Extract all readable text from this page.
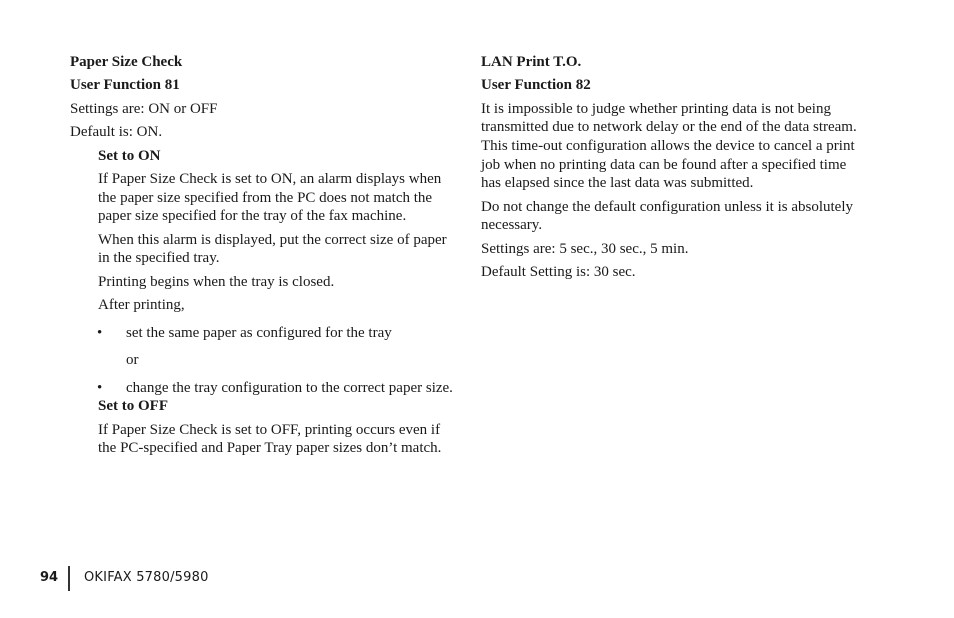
Paper Size Check

User Function 81

Settings are: ON or OFF

Default is: ON.

Set to ON

If Paper Size Check is set to ON, an alarm displays when the paper size specified from the PC does not match the paper size specified for the tray of the fax machine.

When this alarm is displayed, put the correct size of paper in the specified tray.

Printing begins when the tray is closed.

After printing,

• set the same paper as configured for the tray

or

• change the tray configuration to the correct paper size.

Set to OFF

If Paper Size Check is set to OFF, printing occurs even if the PC-specified and Paper Tray paper sizes don’t match.

LAN Print T.O.

User Function 82

It is impossible to judge whether printing data is not being transmitted due to network delay or the end of the data stream. This time-out configuration allows the device to cancel a print job when no printing data can be found after a specified time has elapsed since the last data was submitted.

Do not change the default configuration unless it is absolutely necessary.

Settings are: 5 sec., 30 sec., 5 min.

Default Setting is: 30 sec.

94 OKIFAX 5780/5980
